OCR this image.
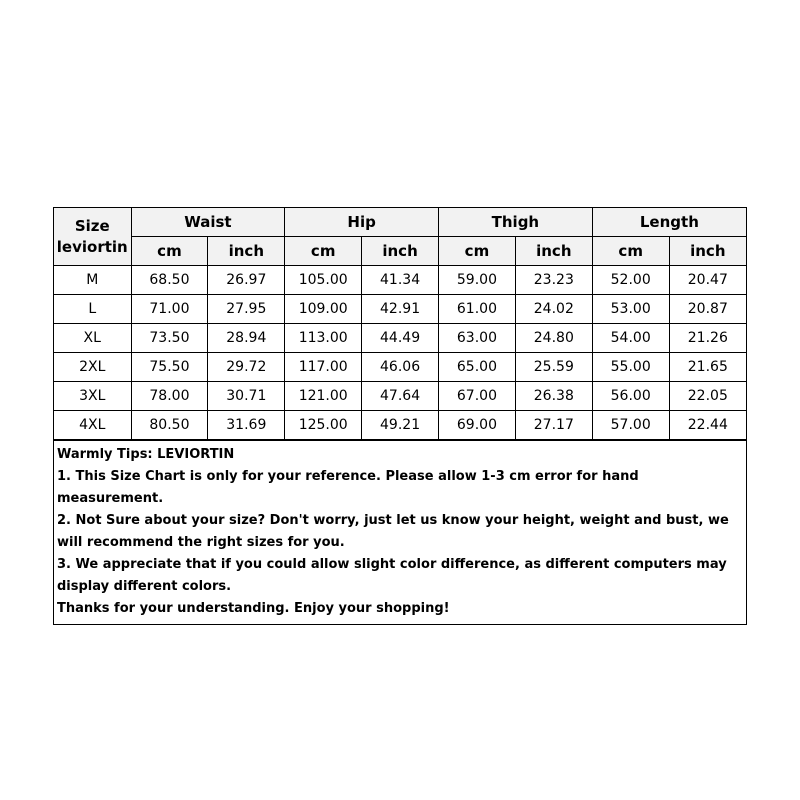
Size
leviortin	Waist		Hip		Thigh		Length	
	cm	inch	cm	inch	cm	inch	cm	inch
M	68.50	26.97	105.00	41.34	59.00	23.23	52.00	20.47
L	71.00	27.95	109.00	42.91	61.00	24.02	53.00	20.87
XL	73.50	28.94	113.00	44.49	63.00	24.80	54.00	21.26
2XL	75.50	29.72	117.00	46.06	65.00	25.59	55.00	21.65
3XL	78.00	30.71	121.00	47.64	67.00	26.38	56.00	22.05
4XL	80.50	31.69	125.00	49.21	69.00	27.17	57.00	22.44
Warmly Tips: LEVIORTIN
1. This Size Chart is only for your reference. Please allow 1-3 cm error for hand measurement.
2. Not Sure about your size? Don't worry, just let us know your height, weight and bust, we will recommend the right sizes for you.
3. We appreciate that if you could allow slight color difference, as different computers may display different colors.
Thanks for your understanding. Enjoy your shopping!
